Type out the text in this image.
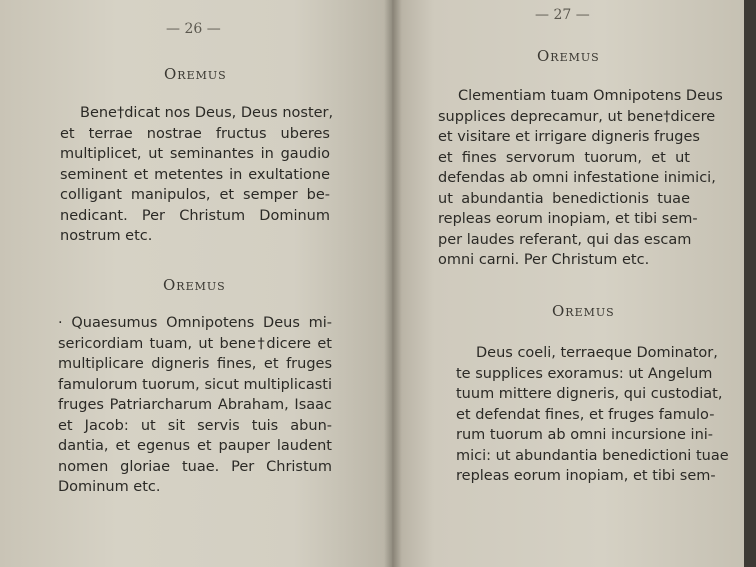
— 26 —
Oremus
Bene†dicat nos Deus, Deus noster,
et terrae nostrae fructus uberes
multiplicet, ut seminantes in gaudio
seminent et metentes in exultatione
colligant manipulos, et semper be-
nedicant. Per Christum Dominum
nostrum etc.
Oremus
· Quaesumus Omnipotens Deus mi-
sericordiam tuam, ut bene†dicere et
multiplicare digneris fines, et fruges
famulorum tuorum, sicut multiplicasti
fruges Patriarcharum Abraham, Isaac
et Jacob: ut sit servis tuis abun-
dantia, et egenus et pauper laudent
nomen gloriae tuae. Per Christum
Dominum etc.
— 27 —
Oremus
Clementiam tuam Omnipotens Deus
supplices deprecamur, ut bene†dicere
et visitare et irrigare digneris fruges
et fines servorum tuorum, et ut
defendas ab omni infestatione inimici,
ut abundantia benedictionis tuae
repleas eorum inopiam, et tibi sem-
per laudes referant, qui das escam
omni carni. Per Christum etc.
Oremus
Deus coeli, terraeque Dominator,
te supplices exoramus: ut Angelum
tuum mittere digneris, qui custodiat,
et defendat fines, et fruges famulo-
rum tuorum ab omni incursione ini-
mici: ut abundantia benedictioni tuae
repleas eorum inopiam, et tibi sem-
